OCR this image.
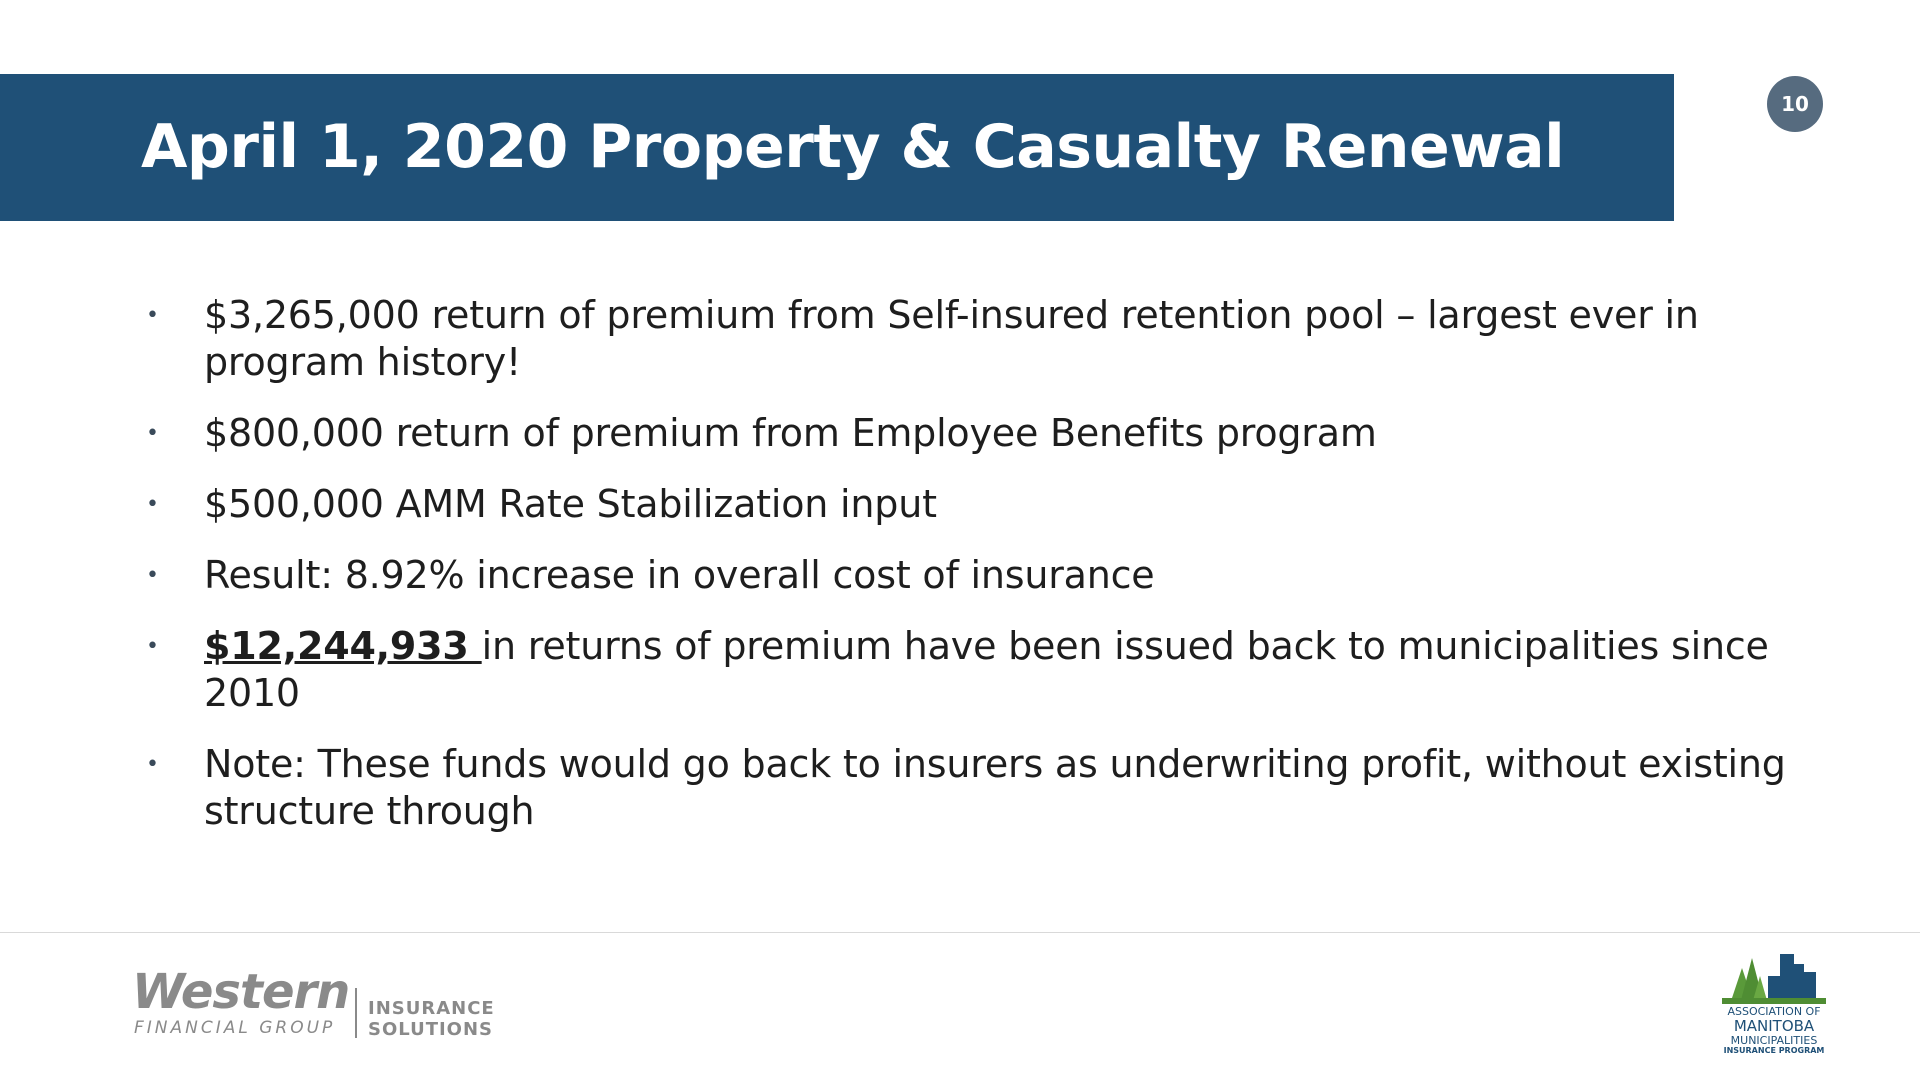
April 1, 2020 Property & Casualty Renewal
10
• $3,265,000 return of premium from Self-insured retention pool – largest ever in program history!
• $800,000 return of premium from Employee Benefits program
• $500,000 AMM Rate Stabilization input
• Result: 8.92% increase in overall cost of insurance
• $12,244,933 in returns of premium have been issued back to municipalities since 2010
• Note: These funds would go back to insurers as underwriting profit, without existing structure through
Western
FINANCIAL GROUP
INSURANCE
SOLUTIONS
ASSOCIATION OF
MANITOBA
MUNICIPALITIES
INSURANCE PROGRAM
